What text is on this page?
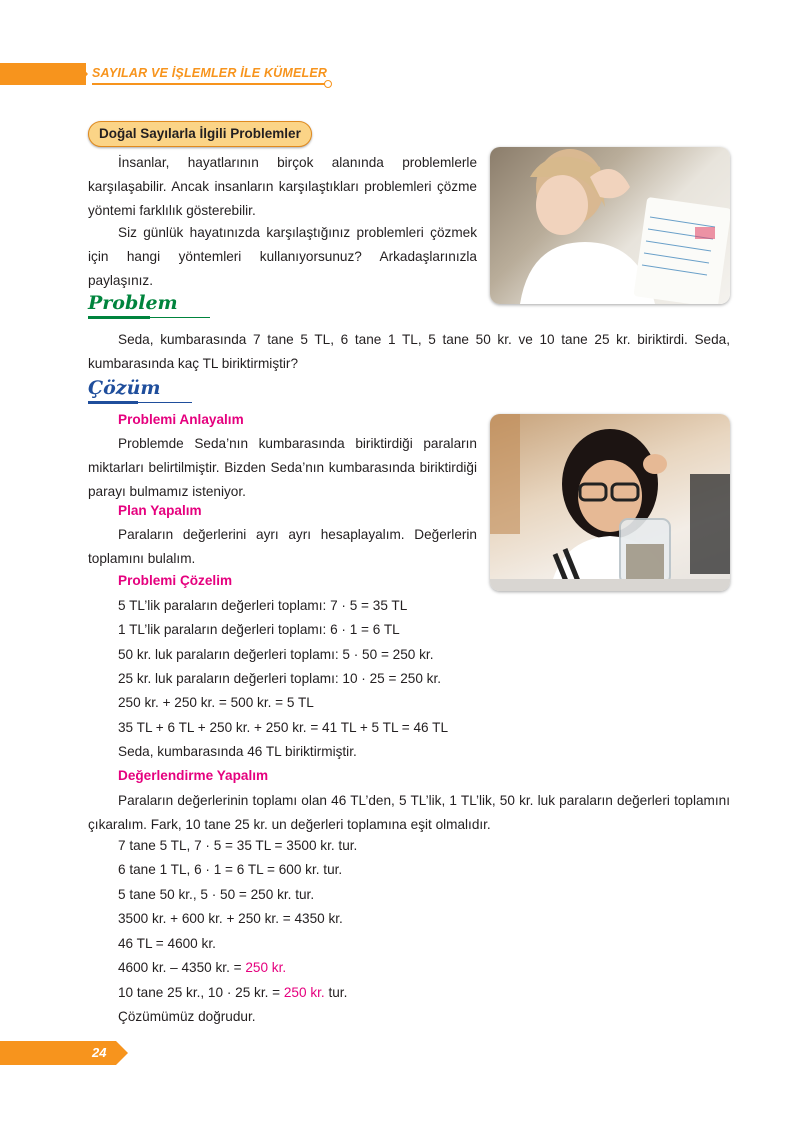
SAYILAR VE İŞLEMLER İLE KÜMELER
Doğal Sayılarla İlgili Problemler
İnsanlar, hayatlarının birçok alanında problemlerle karşılaşabilir. Ancak insanların karşılaştıkları problemleri çözme yöntemi farklılık gösterebilir.
Siz günlük hayatınızda karşılaştığınız problemleri çözmek için hangi yöntemleri kullanıyorsunuz? Arkadaşlarınızla paylaşınız.
Problem
Seda, kumbarasında 7 tane 5 TL, 6 tane 1 TL, 5 tane 50 kr. ve 10 tane 25 kr. biriktirdi. Seda, kumbarasında kaç TL biriktirmiştir?
Çözüm
Problemi Anlayalım
Problemde Seda’nın kumbarasında biriktirdiği paraların miktarları belirtilmiştir. Bizden Seda’nın kumbarasında biriktirdiği parayı bulmamız isteniyor.
Plan Yapalım
Paraların değerlerini ayrı ayrı hesaplayalım. Değerlerin toplamını bulalım.
Problemi Çözelim
5 TL’lik paraların değerleri toplamı: 7 · 5 = 35 TL
1 TL’lik paraların değerleri toplamı: 6 · 1 = 6 TL
50 kr. luk paraların değerleri toplamı: 5 · 50 = 250 kr.
25 kr. luk paraların değerleri toplamı: 10 · 25 = 250 kr.
250 kr. + 250 kr. = 500 kr. = 5 TL
35 TL + 6 TL + 250 kr. + 250 kr. = 41 TL + 5 TL = 46 TL
Seda, kumbarasında 46 TL biriktirmiştir.
Değerlendirme Yapalım
Paraların değerlerinin toplamı olan 46 TL’den, 5 TL’lik, 1 TL’lik, 50 kr. luk paraların değerleri toplamını çıkaralım. Fark, 10 tane 25 kr. un değerleri toplamına eşit olmalıdır.
7 tane 5 TL, 7 · 5 = 35 TL = 3500 kr. tur.
6 tane 1 TL, 6 · 1 = 6 TL = 600 kr. tur.
5 tane 50 kr., 5 · 50 = 250 kr. tur.
3500 kr. + 600 kr. + 250 kr. = 4350 kr.
46 TL = 4600 kr.
4600 kr. – 4350 kr. = 250 kr.
10 tane 25 kr., 10 · 25 kr. = 250 kr. tur.
Çözümümüz doğrudur.
24
